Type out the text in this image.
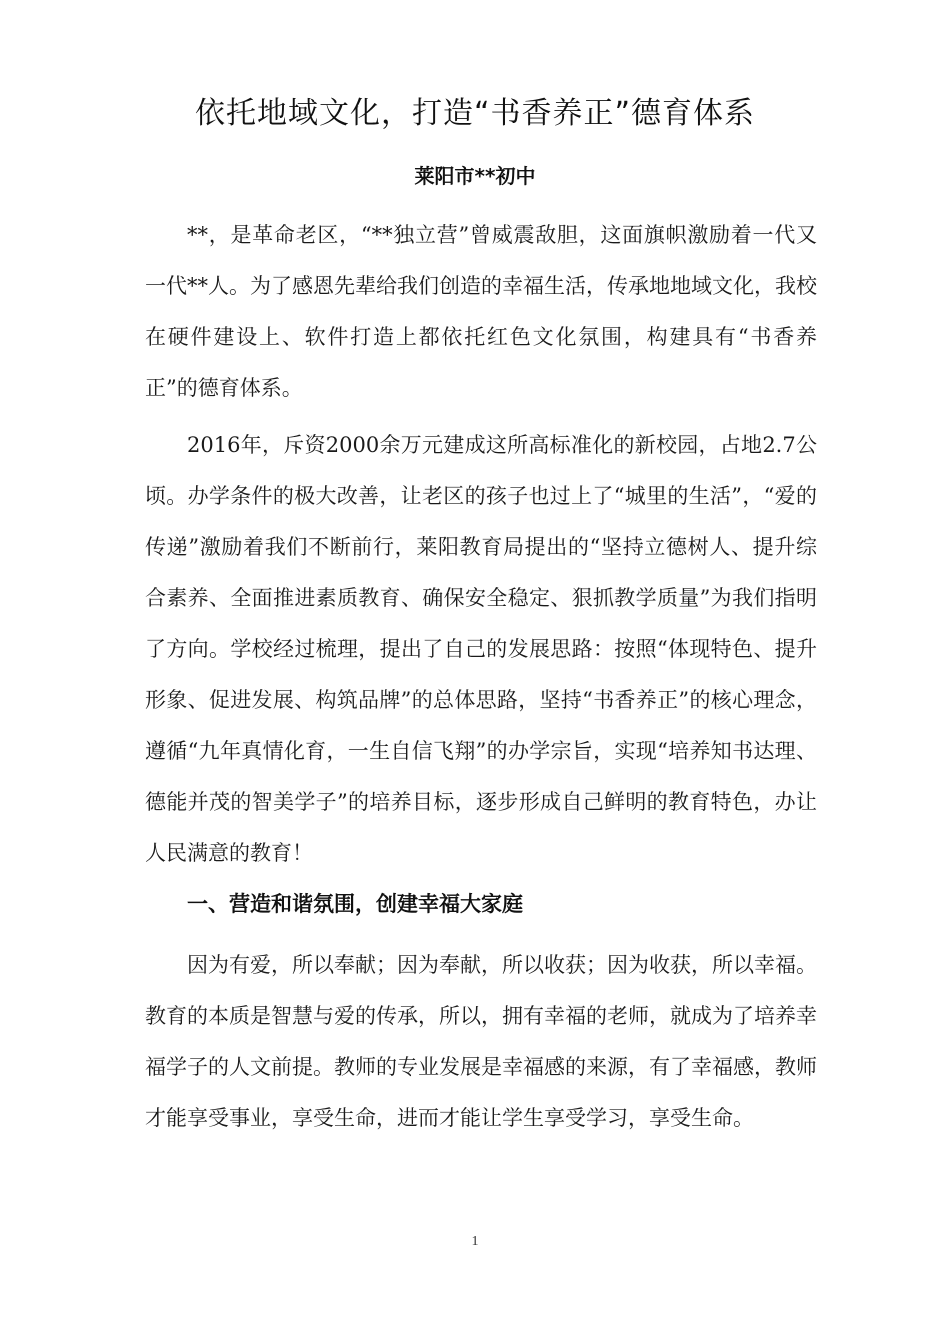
依托地域文化，打造“书香养正”德育体系
莱阳市**初中

**，是革命老区，“**独立营”曾威震敌胆，这面旗帜激励着一代又一代**人。为了感恩先辈给我们创造的幸福生活，传承地地域文化，我校在硬件建设上、软件打造上都依托红色文化氛围，构建具有“书香养正”的德育体系。

2016年，斥资2000余万元建成这所高标准化的新校园，占地2.7公顷。办学条件的极大改善，让老区的孩子也过上了“城里的生活”，“爱的传递”激励着我们不断前行，莱阳教育局提出的“坚持立德树人、提升综合素养、全面推进素质教育、确保安全稳定、狠抓教学质量”为我们指明了方向。学校经过梳理，提出了自己的发展思路：按照“体现特色、提升形象、促进发展、构筑品牌”的总体思路，坚持“书香养正”的核心理念，遵循“九年真情化育，一生自信飞翔”的办学宗旨，实现“培养知书达理、德能并茂的智美学子”的培养目标，逐步形成自己鲜明的教育特色，办让人民满意的教育！

一、营造和谐氛围，创建幸福大家庭

因为有爱，所以奉献；因为奉献，所以收获；因为收获，所以幸福。教育的本质是智慧与爱的传承，所以，拥有幸福的老师，就成为了培养幸福学子的人文前提。教师的专业发展是幸福感的来源，有了幸福感，教师才能享受事业，享受生命，进而才能让学生享受学习，享受生命。

1
